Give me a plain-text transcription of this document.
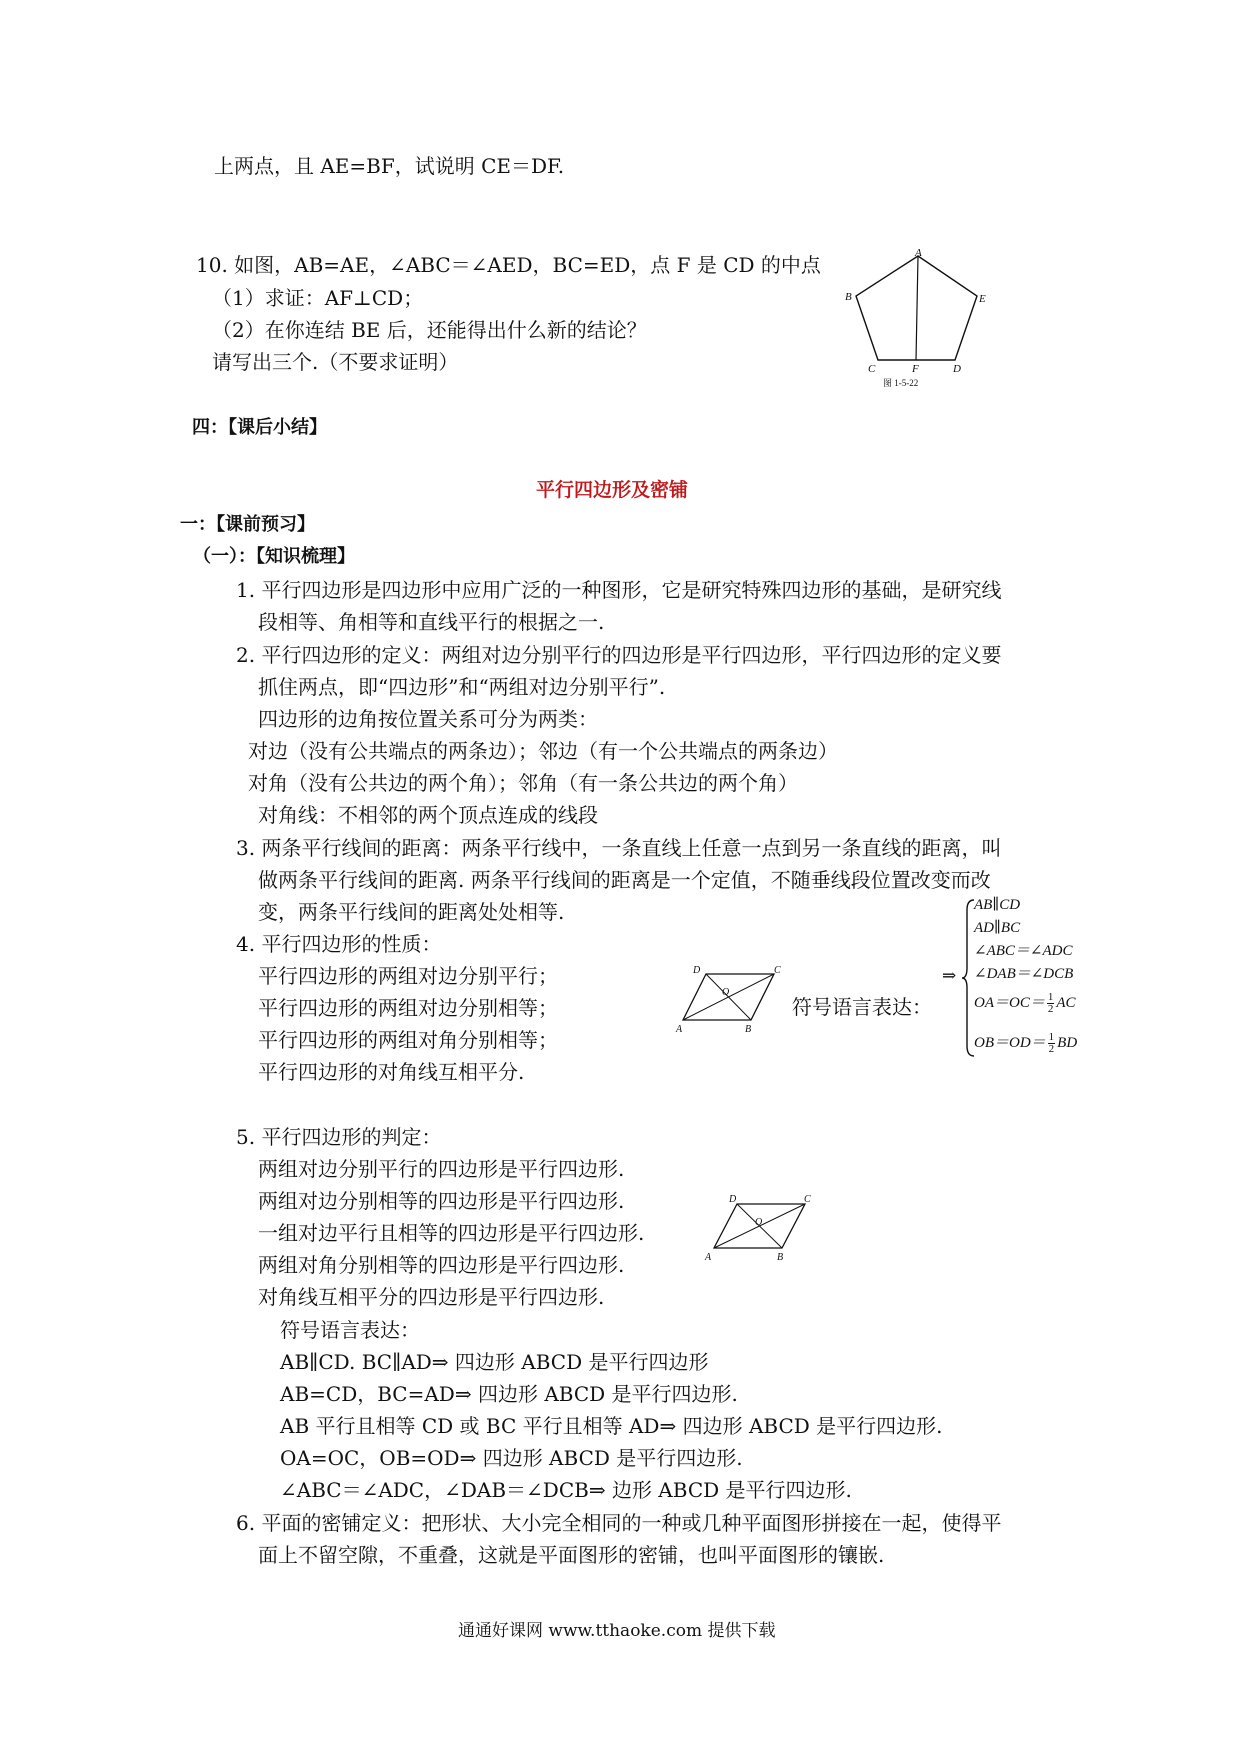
上两点，且 AE=BF，试说明 CE＝DF.
10. 如图，AB=AE，∠ABC＝∠AED，BC=ED，点 F 是 CD 的中点
（1）求证：AF⊥CD；
（2）在你连结 BE 后，还能得出什么新的结论？
请写出三个.（不要求证明）
A
B	E
C	F	D
图 1-5-22
四：【课后小结】
平行四边形及密铺
一：【课前预习】
（一）：【知识梳理】
1. 平行四边形是四边形中应用广泛的一种图形，它是研究特殊四边形的基础，是研究线
段相等、角相等和直线平行的根据之一.
2. 平行四边形的定义：两组对边分别平行的四边形是平行四边形，平行四边形的定义要
抓住两点，即“四边形”和“两组对边分别平行”.
四边形的边角按位置关系可分为两类：
对边（没有公共端点的两条边）；邻边（有一个公共端点的两条边）
对角（没有公共边的两个角）；邻角（有一条公共边的两个角）
对角线：不相邻的两个顶点连成的线段
3. 两条平行线间的距离：两条平行线中，一条直线上任意一点到另一条直线的距离，叫
做两条平行线间的距离. 两条平行线间的距离是一个定值，不随垂线段位置改变而改
变，两条平行线间的距离处处相等.
4. 平行四边形的性质：
平行四边形的两组对边分别平行；
平行四边形的两组对边分别相等；
平行四边形的两组对角分别相等；
平行四边形的对角线互相平分.
D	C
O
A	B
符号语言表达：
⇒
AB∥CD
AD∥BC
∠ABC＝∠ADC
∠DAB＝∠DCB
$OA=OC= \frac{1}{2}$ AC
$OB=OD= \frac{1}{2}$ BD
5. 平行四边形的判定：
两组对边分别平行的四边形是平行四边形.
两组对边分别相等的四边形是平行四边形.
一组对边平行且相等的四边形是平行四边形.
两组对角分别相等的四边形是平行四边形.
对角线互相平分的四边形是平行四边形.
D	C
O
A	B
符号语言表达：
AB∥CD. BC∥AD⇒ 四边形 ABCD 是平行四边形
AB=CD，BC=AD⇒ 四边形 ABCD 是平行四边形.
AB 平行且相等 CD 或 BC 平行且相等 AD⇒ 四边形 ABCD 是平行四边形.
OA=OC，OB=OD⇒ 四边形 ABCD 是平行四边形.
∠ABC＝∠ADC，∠DAB＝∠DCB⇒ 边形 ABCD 是平行四边形.
6. 平面的密铺定义：把形状、大小完全相同的一种或几种平面图形拼接在一起，使得平
面上不留空隙，不重叠，这就是平面图形的密铺，也叫平面图形的镶嵌.
通通好课网 www.tthaoke.com 提供下载
